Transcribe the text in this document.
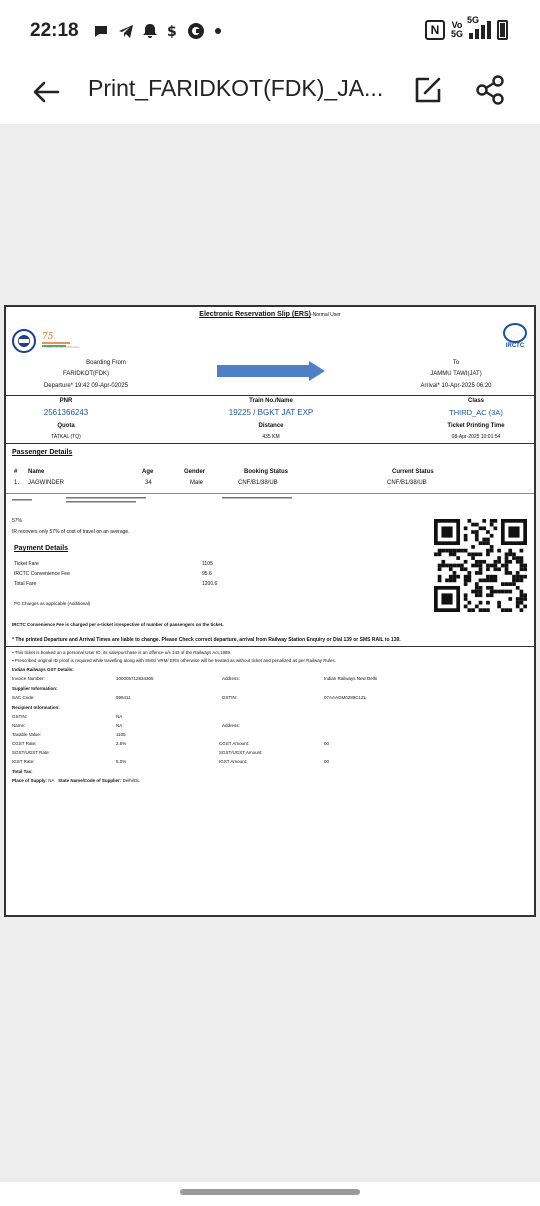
22:18	$	N	Vo
5G
5G
Print_FARIDKOT(FDK)_JA...
Electronic Reservation Slip (ERS)-Normal User
75
Azadi Ka Amrit Mahotsav	IRCTC
Boarding From
FARIDKOT(FDK)
Departure* 19:42 09-Apr-02025
To
JAMMU TAWI(JAT)
Arrival* 10-Apr-2025 06:20
PNR
2561366243
Train No./Name
19225 / BGKT JAT EXP
Class
THIRD_AC (3A)
Quota
TATKAL (TQ)
Distance
435 KM
Ticket Printing Time
08-Apr-2025 10:01:54
Passenger Details
# Name	Age	Gender	Booking Status	Current Status
1. JAGWINDER	34	Male	CNF/B1/38/UB	CNF/B1/38/UB
57%
IR recovers only 57% of cost of travel on an average.
Payment Details
Ticket Fare	1105
IRCTC Convenience Fee	95.6
Total Fare	1200.6
PG Charges as applicable (Additional)
IRCTC Convenience Fee is charged per e-ticket irrespective of number of passengers on the ticket.
* The printed Departure and Arrival Times are liable to change. Please Check correct departure, arrival from Railway Station Enquiry or Dial 139 or SMS RAIL to 139.
▪ This ticket is booked on a personal User ID, its sale/purchase is an offence u/s 143 of the Railways Act,1989.
▪ Prescribed original ID proof is required while travelling along with SMS/ VRM/ ERS otherwise will be treated as without ticket and penalized as per Railway Rules.
Indian Railways GST Details:
Invoice Number:	100005712834305	Address:	Indian Railways New Delhi
Supplier Information:
SAC Code:	996411	GSTIN:	07AAAGM0289C1ZL
Recipient Information:
GSTIN:	NA
Name:	NA	Address:
Taxable Value:	1105
CGST Rate:	2.5%	CGST Amount:	00
SGST/UGST Rate:	SGST/UGST Amount:
IGST Rate:	5.0%	IGST Amount:	00
Total Tax:
Place of Supply: NA State Name/Code of Supplier: Delhi/DL
